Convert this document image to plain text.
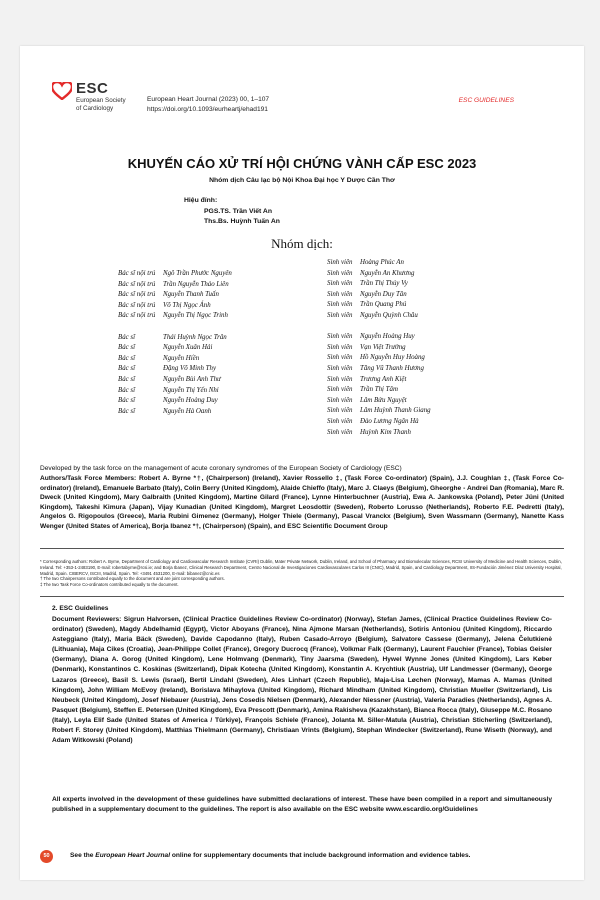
ESC
European Society
of Cardiology
European Heart Journal (2023) 00, 1–107
https://doi.org/10.1093/eurheartj/ehad191
ESC GUIDELINES
KHUYẾN CÁO XỬ TRÍ HỘI CHỨNG VÀNH CẤP ESC 2023
Nhóm dịch Câu lạc bộ Nội Khoa Đại học Y Dược Cần Thơ
Hiệu đính:
PGS.TS. Trần Viết An
Ths.Bs. Huỳnh Tuấn An
Nhóm dịch:
Bác sĩ nội trú	Ngô Trần Phước Nguyên
Bác sĩ nội trú	Trần Nguyễn Thảo Liên
Bác sĩ nội trú	Nguyễn Thanh Tuấn
Bác sĩ nội trú	Võ Thị Ngọc Ánh
Bác sĩ nội trú	Nguyễn Thị Ngọc Trinh
Bác sĩ	Thái Huỳnh Ngọc Trân
Bác sĩ	Nguyễn Xuân Hải
Bác sĩ	Nguyễn Hiền
Bác sĩ	Đặng Võ Minh Thy
Bác sĩ	Nguyễn Bùi Anh Thư
Bác sĩ	Nguyễn Thị Yến Nhi
Bác sĩ	Nguyễn Hoàng Duy
Bác sĩ	Nguyễn Hà Oanh
Sinh viên	Hoàng Phúc An
Sinh viên	Nguyễn An Khương
Sinh viên	Trần Thị Thủy Vy
Sinh viên	Nguyễn Duy Tân
Sinh viên	Trần Quang Phú
Sinh viên	Nguyễn Quỳnh Châu
Sinh viên	Nguyễn Hoàng Huy
Sinh viên	Vạn Việt Trường
Sinh viên	Hồ Nguyễn Huy Hoàng
Sinh viên	Tăng Vũ Thanh Hương
Sinh viên	Trương Anh Kiệt
Sinh viên	Trần Thị Tâm
Sinh viên	Lâm Bửu Nguyệt
Sinh viên	Lâm Huỳnh Thanh Giang
Sinh viên	Đào Lương Ngân Hà
Sinh viên	Huỳnh Kim Thanh
Developed by the task force on the management of acute coronary syndromes of the European Society of Cardiology (ESC)
Authors/Task Force Members: Robert A. Byrne *†, (Chairperson) (Ireland), Xavier Rossello ‡, (Task Force Co-ordinator) (Spain), J.J. Coughlan ‡, (Task Force Co-ordinator) (Ireland), Emanuele Barbato (Italy), Colin Berry (United Kingdom), Alaide Chieffo (Italy), Marc J. Claeys (Belgium), Gheorghe - Andrei Dan (Romania), Marc R. Dweck (United Kingdom), Mary Galbraith (United Kingdom), Martine Gilard (France), Lynne Hinterbuchner (Austria), Ewa A. Jankowska (Poland), Peter Jüni (United Kingdom), Takeshi Kimura (Japan), Vijay Kunadian (United Kingdom), Margret Leosdottir (Sweden), Roberto Lorusso (Netherlands), Roberto F.E. Pedretti (Italy), Angelos G. Rigopoulos (Greece), Maria Rubini Gimenez (Germany), Holger Thiele (Germany), Pascal Vranckx (Belgium), Sven Wassmann (Germany), Nanette Kass Wenger (United States of America), Borja Ibanez *†, (Chairperson) (Spain), and ESC Scientific Document Group
* Corresponding authors: Robert A. Byrne, Department of Cardiology and Cardiovascular Research Institute (CVRI) Dublin, Mater Private Network, Dublin, Ireland, and School of Pharmacy and Biomolecular Sciences, RCSI University of Medicine and Health Sciences, Dublin, Ireland. Tel: +353-1-2483190, E-mail: robertabyrne@rcsi.ie; and Borja Ibanez, Clinical Research Department, Centro Nacional de Investigaciones Cardiovasculares Carlos III (CNIC), Madrid, Spain, and Cardiology Department, IIS-Fundación Jiménez Díaz University Hospital, Madrid, Spain. CIBERCV, ISCIII, Madrid, Spain. Tel: +3491 4531200, E-mail: bibanez@cnic.es
† The two Chairpersons contributed equally to the document and are joint corresponding authors.
‡ The two Task Force Co-ordinators contributed equally to the document.
2. ESC Guidelines
Document Reviewers: Sigrun Halvorsen, (Clinical Practice Guidelines Review Co-ordinator) (Norway), Stefan James, (Clinical Practice Guidelines Review Co-ordinator) (Sweden), Magdy Abdelhamid (Egypt), Victor Aboyans (France), Nina Ajmone Marsan (Netherlands), Sotiris Antoniou (United Kingdom), Riccardo Asteggiano (Italy), Maria Bäck (Sweden), Davide Capodanno (Italy), Ruben Casado-Arroyo (Belgium), Salvatore Cassese (Germany), Jelena Čelutkienė (Lithuania), Maja Cikes (Croatia), Jean-Philippe Collet (France), Gregory Ducrocq (France), Volkmar Falk (Germany), Laurent Fauchier (France), Tobias Geisler (Germany), Diana A. Gorog (United Kingdom), Lene Holmvang (Denmark), Tiny Jaarsma (Sweden), Hywel Wynne Jones (United Kingdom), Lars Køber (Denmark), Konstantinos C. Koskinas (Switzerland), Dipak Kotecha (United Kingdom), Konstantin A. Krychtiuk (Austria), Ulf Landmesser (Germany), George Lazaros (Greece), Basil S. Lewis (Israel), Bertil Lindahl (Sweden), Ales Linhart (Czech Republic), Maja-Lisa Løchen (Norway), Mamas A. Mamas (United Kingdom), John William McEvoy (Ireland), Borislava Mihaylova (United Kingdom), Richard Mindham (United Kingdom), Christian Mueller (Switzerland), Lis Neubeck (United Kingdom), Josef Niebauer (Austria), Jens Cosedis Nielsen (Denmark), Alexander Niessner (Austria), Valeria Paradies (Netherlands), Agnes A. Pasquet (Belgium), Steffen E. Petersen (United Kingdom), Eva Prescott (Denmark), Amina Rakisheva (Kazakhstan), Bianca Rocca (Italy), Giuseppe M.C. Rosano (Italy), Leyla Elif Sade (United States of America / Türkiye), François Schiele (France), Jolanta M. Siller-Matula (Austria), Christian Sticherling (Switzerland), Robert F. Storey (United Kingdom), Matthias Thielmann (Germany), Christiaan Vrints (Belgium), Stephan Windecker (Switzerland), Rune Wiseth (Norway), and Adam Witkowski (Poland)
All experts involved in the development of these guidelines have submitted declarations of interest. These have been compiled in a report and simultaneously published in a supplementary document to the guidelines. The report is also available on the ESC website www.escardio.org/Guidelines
50	See the European Heart Journal online for supplementary documents that include background information and evidence tables.
